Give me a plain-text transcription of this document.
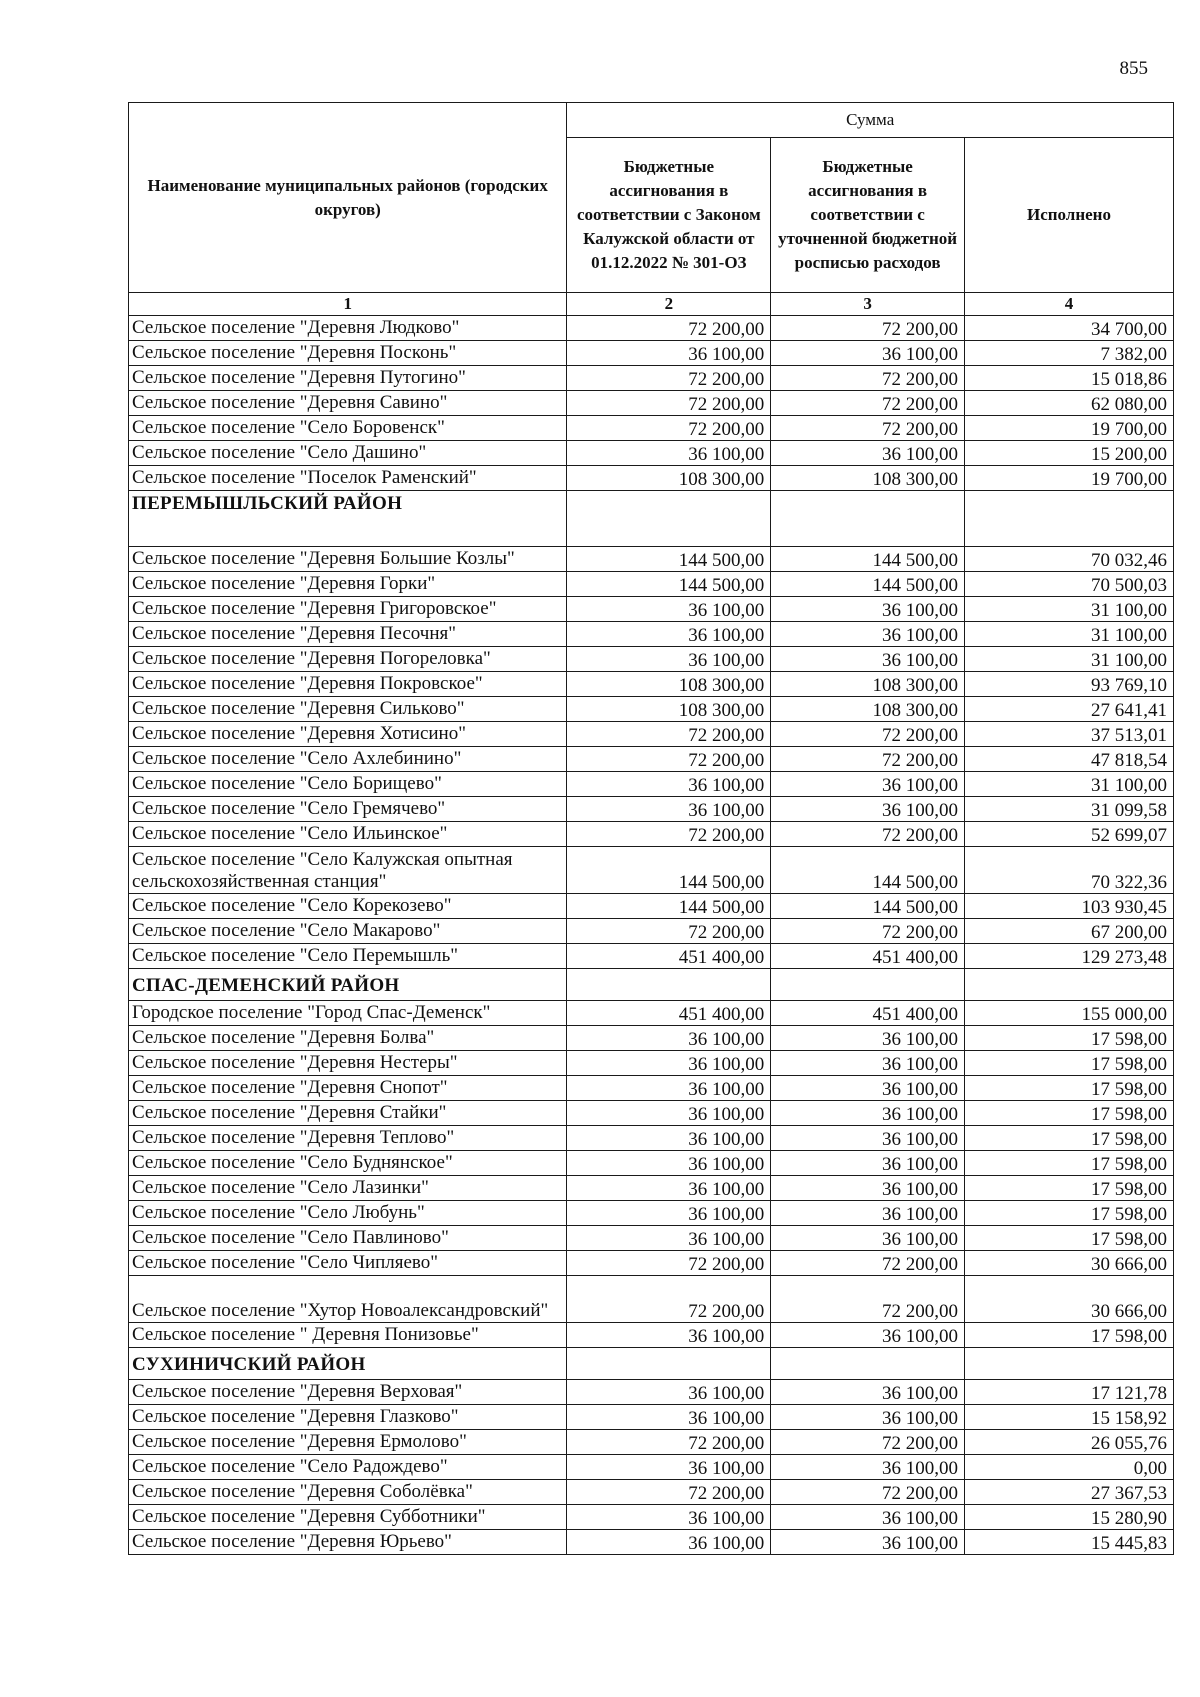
855
Наименование муниципальных районов (городских округов)	Сумма		
	Бюджетные ассигнования в соответствии с Законом Калужской области от 01.12.2022 № 301-ОЗ	Бюджетные ассигнования в соответствии с уточненной бюджетной росписью расходов	Исполнено
1	2	3	4
Сельское поселение "Деревня Людково"	72 200,00	72 200,00	34 700,00
Сельское поселение "Деревня Посконь"	36 100,00	36 100,00	7 382,00
Сельское поселение "Деревня Путогино"	72 200,00	72 200,00	15 018,86
Сельское поселение "Деревня Савино"	72 200,00	72 200,00	62 080,00
Сельское поселение "Село Боровенск"	72 200,00	72 200,00	19 700,00
Сельское поселение "Село Дашино"	36 100,00	36 100,00	15 200,00
Сельское поселение "Поселок Раменский"	108 300,00	108 300,00	19 700,00
ПЕРЕМЫШЛЬСКИЙ РАЙОН			
Сельское поселение "Деревня Большие Козлы"	144 500,00	144 500,00	70 032,46
Сельское поселение "Деревня Горки"	144 500,00	144 500,00	70 500,03
Сельское поселение "Деревня Григоровское"	36 100,00	36 100,00	31 100,00
Сельское поселение "Деревня Песочня"	36 100,00	36 100,00	31 100,00
Сельское поселение "Деревня Погореловка"	36 100,00	36 100,00	31 100,00
Сельское поселение "Деревня Покровское"	108 300,00	108 300,00	93 769,10
Сельское поселение "Деревня Сильково"	108 300,00	108 300,00	27 641,41
Сельское поселение "Деревня Хотисино"	72 200,00	72 200,00	37 513,01
Сельское поселение "Село Ахлебинино"	72 200,00	72 200,00	47 818,54
Сельское поселение "Село Борищево"	36 100,00	36 100,00	31 100,00
Сельское поселение "Село Гремячево"	36 100,00	36 100,00	31 099,58
Сельское поселение "Село Ильинское"	72 200,00	72 200,00	52 699,07
Сельское поселение "Село Калужская опытная сельскохозяйственная станция"	144 500,00	144 500,00	70 322,36
Сельское поселение "Село Корекозево"	144 500,00	144 500,00	103 930,45
Сельское поселение "Село Макарово"	72 200,00	72 200,00	67 200,00
Сельское поселение "Село Перемышль"	451 400,00	451 400,00	129 273,48
СПАС-ДЕМЕНСКИЙ РАЙОН			
Городское поселение "Город Спас-Деменск"	451 400,00	451 400,00	155 000,00
Сельское поселение "Деревня Болва"	36 100,00	36 100,00	17 598,00
Сельское поселение "Деревня Нестеры"	36 100,00	36 100,00	17 598,00
Сельское поселение "Деревня Снопот"	36 100,00	36 100,00	17 598,00
Сельское поселение "Деревня Стайки"	36 100,00	36 100,00	17 598,00
Сельское поселение "Деревня Теплово"	36 100,00	36 100,00	17 598,00
Сельское поселение "Село Буднянское"	36 100,00	36 100,00	17 598,00
Сельское поселение "Село Лазинки"	36 100,00	36 100,00	17 598,00
Сельское поселение "Село Любунь"	36 100,00	36 100,00	17 598,00
Сельское поселение "Село Павлиново"	36 100,00	36 100,00	17 598,00
Сельское поселение "Село Чипляево"	72 200,00	72 200,00	30 666,00
Сельское поселение "Хутор Новоалександровский"	72 200,00	72 200,00	30 666,00
Сельское поселение " Деревня Понизовье"	36 100,00	36 100,00	17 598,00
СУХИНИЧСКИЙ РАЙОН			
Сельское поселение "Деревня Верховая"	36 100,00	36 100,00	17 121,78
Сельское поселение "Деревня Глазково"	36 100,00	36 100,00	15 158,92
Сельское поселение "Деревня Ермолово"	72 200,00	72 200,00	26 055,76
Сельское поселение "Село Радождево"	36 100,00	36 100,00	0,00
Сельское поселение "Деревня Соболёвка"	72 200,00	72 200,00	27 367,53
Сельское поселение "Деревня Субботники"	36 100,00	36 100,00	15 280,90
Сельское поселение "Деревня Юрьево"	36 100,00	36 100,00	15 445,83
